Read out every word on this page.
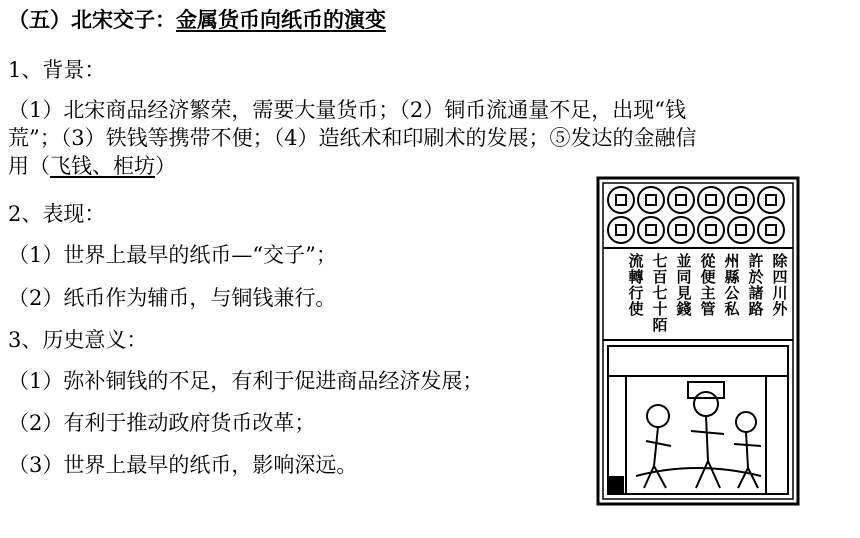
（五）北宋交子：金属货币向纸币的演变
1、背景：
（1）北宋商品经济繁荣，需要大量货币；（2）铜币流通量不足，出现“钱
荒”；（3）铁钱等携带不便；（4）造纸术和印刷术的发展；⑤发达的金融信
用（飞钱、柜坊）
2、表现：
（1）世界上最早的纸币—“交子”；
（2）纸币作为辅币，与铜钱兼行。
3、历史意义：
（1）弥补铜钱的不足，有利于促进商品经济发展；
（2）有利于推动政府货币改革；
（3）世界上最早的纸币，影响深远。
除
四
川
外
許
於
諸
路
州
縣
公
私
從
便
主
管
並
同
見
錢
七
百
七
十
陌
流
轉
行
使
